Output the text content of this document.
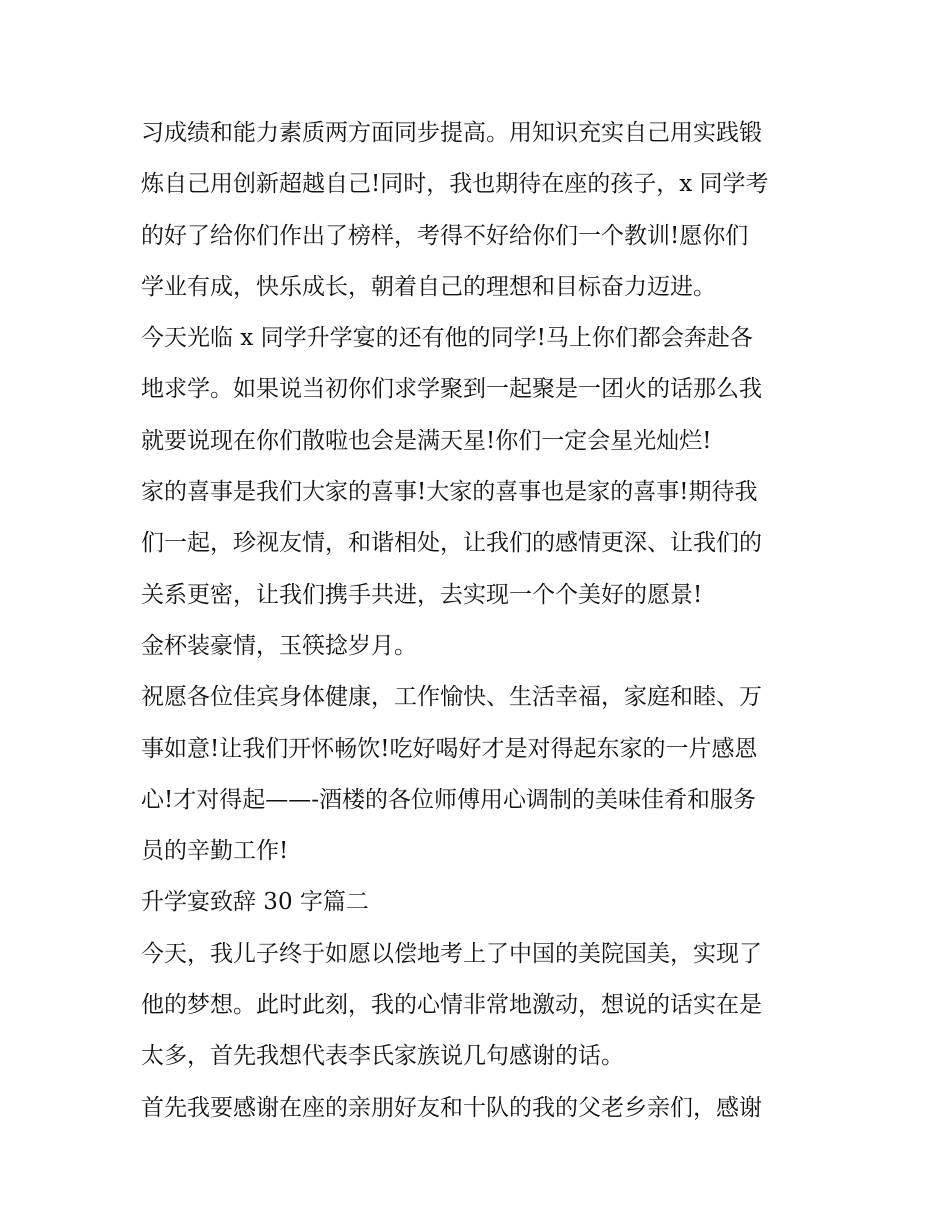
习成绩和能力素质两方面同步提高。用知识充实自己用实践锻
炼自己用创新超越自己!同时，我也期待在座的孩子，x 同学考
的好了给你们作出了榜样，考得不好给你们一个教训!愿你们
学业有成，快乐成长，朝着自己的理想和目标奋力迈进。
今天光临 x 同学升学宴的还有他的同学!马上你们都会奔赴各
地求学。如果说当初你们求学聚到一起聚是一团火的话那么我
就要说现在你们散啦也会是满天星!你们一定会星光灿烂!
家的喜事是我们大家的喜事!大家的喜事也是家的喜事!期待我
们一起，珍视友情，和谐相处，让我们的感情更深、让我们的
关系更密，让我们携手共进，去实现一个个美好的愿景!
金杯装豪情，玉筷捻岁月。
祝愿各位佳宾身体健康，工作愉快、生活幸福，家庭和睦、万
事如意!让我们开怀畅饮!吃好喝好才是对得起东家的一片感恩
心!才对得起——-酒楼的各位师傅用心调制的美味佳肴和服务
员的辛勤工作!
升学宴致辞 30 字篇二
今天，我儿子终于如愿以偿地考上了中国的美院国美，实现了
他的梦想。此时此刻，我的心情非常地激动，想说的话实在是
太多，首先我想代表李氏家族说几句感谢的话。
首先我要感谢在座的亲朋好友和十队的我的父老乡亲们，感谢
